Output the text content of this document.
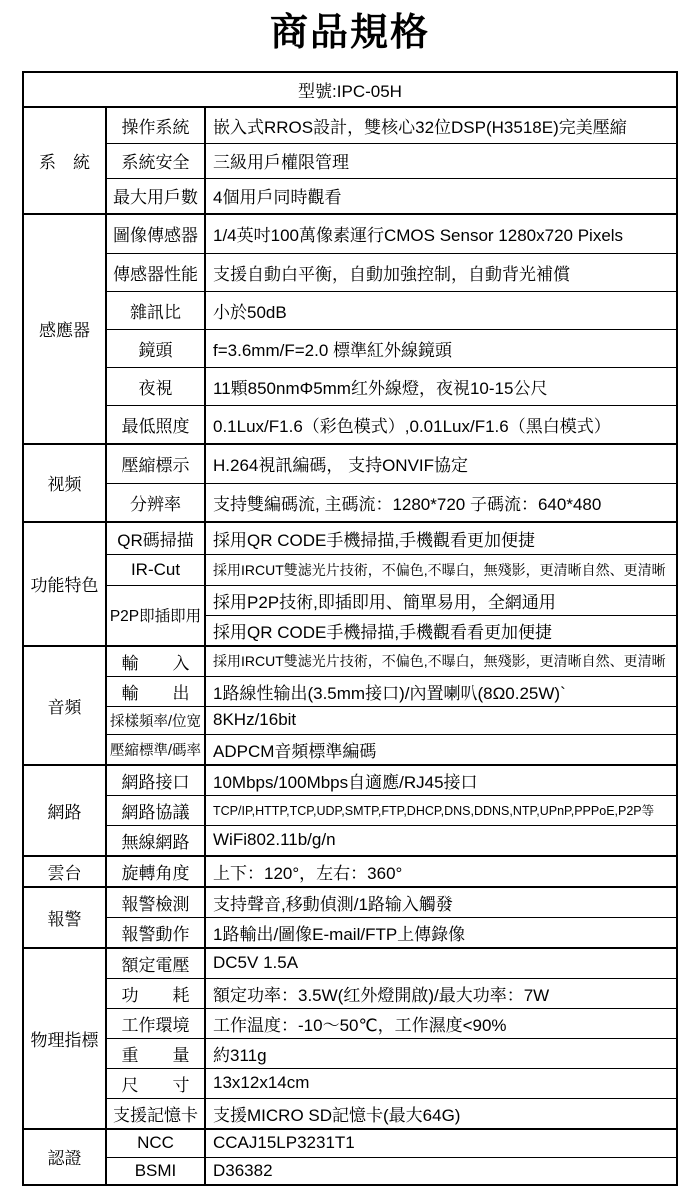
商品規格
型號:IPC-05H
系　統
操作系統	嵌入式RROS設計，雙核心32位DSP(H3518E)完美壓縮
系統安全	三級用戶權限管理
最大用戶數 4個用戶同時觀看
感應器
圖像傳感器 1/4英吋100萬像素運行CMOS Sensor 1280x720 Pixels
傳感器性能 支援自動白平衡，自動加強控制，自動背光補償
雜訊比	小於50dB
鏡頭	f=3.6mm/F=2.0 標準紅外線鏡頭
夜視	11顆850nmΦ5mm红外線燈，夜視10-15公尺
最低照度	0.1Lux/F1.6（彩色模式）,0.01Lux/F1.6（黑白模式）
视频
壓縮標示	H.264視訊編碼， 支持ONVIF協定
分辨率	支持雙編碼流, 主碼流：1280*720 子碼流：640*480
功能特色
QR碼掃描	採用QR CODE手機掃描,手機觀看更加便捷
IR-Cut	採用IRCUT雙滤光片技術，不偏色,不曝白，無殘影，更清晰自然、更清晰
P2P即插即用
採用P2P技術,即插即用、簡單易用，全網通用
採用QR CODE手機掃描,手機觀看看更加便捷
音頻
輸　　入	採用IRCUT雙滤光片技術，不偏色,不曝白，無殘影，更清晰自然、更清晰
輸　　出	1路線性输出(3.5mm接口)/內置喇叭(8Ω0.25W)`
採樣頻率/位宽 8KHz/16bit
壓縮標準/碼率 ADPCM音頻標準編碼
網路
網路接口	10Mbps/100Mbps自適應/RJ45接口
網路協議	TCP/IP,HTTP,TCP,UDP,SMTP,FTP,DHCP,DNS,DDNS,NTP,UPnP,PPPoE,P2P等
無線網路	WiFi802.11b/g/n
雲台	旋轉角度	上下：120°，左右：360°
報警
報警檢測	支持聲音,移動偵測/1路输入觸發
報警動作	1路輸出/圖像E-mail/FTP上傳錄像
物理指標
額定電壓	DC5V 1.5A
功　　耗	額定功率：3.5W(红外燈開啟)/最大功率：7W
工作環境	工作温度：-10～50℃，工作濕度<90%
重　　量	約311g
尺　　寸	13x12x14cm
支援記憶卡 支援MICRO SD記憶卡(最大64G)
認證
NCC	CCAJ15LP3231T1
BSMI	D36382
